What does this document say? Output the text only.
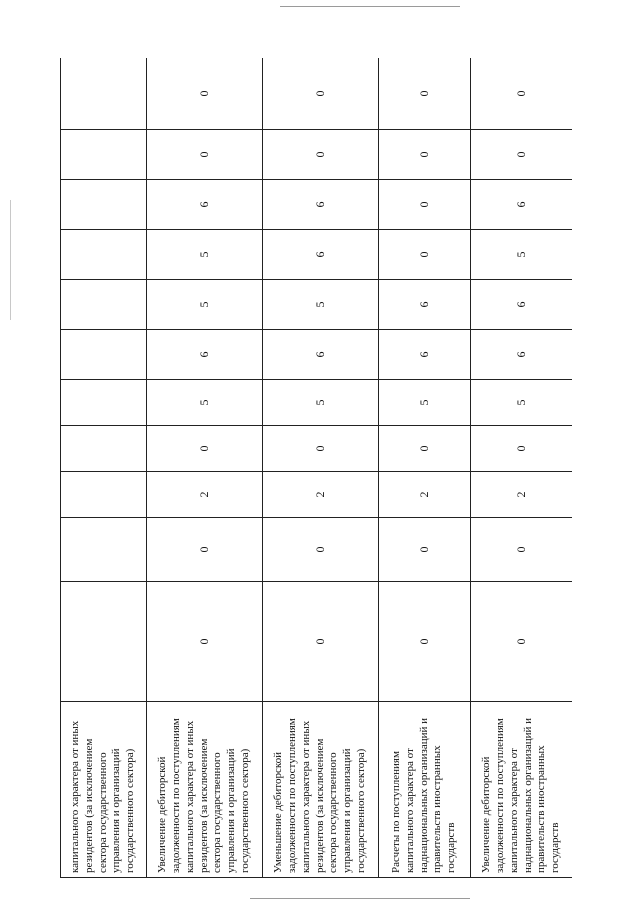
капитального характера от иных резидентов (за исключением сектора государственного управления и организаций государственного сектора)											
Увеличение дебиторской задолженности по поступлениям капитального характера от иных резидентов (за исключением сектора государственного управления и организаций государственного сектора)	0	0	2	0	5	6	5	5	6	0	0
Уменьшение дебиторской задолженности по поступлениям капитального характера от иных резидентов (за исключением сектора государственного управления и организаций государственного сектора)	0	0	2	0	5	6	5	6	6	0	0
Расчеты по поступлениям капитального характера от наднациональных организаций и правительств иностранных государств	0	0	2	0	5	6	6	0	0	0	0
Увеличение дебиторской задолженности по поступлениям капитального характера от наднациональных организаций и правительств иностранных государств	0	0	2	0	5	6	6	5	6	0	0
